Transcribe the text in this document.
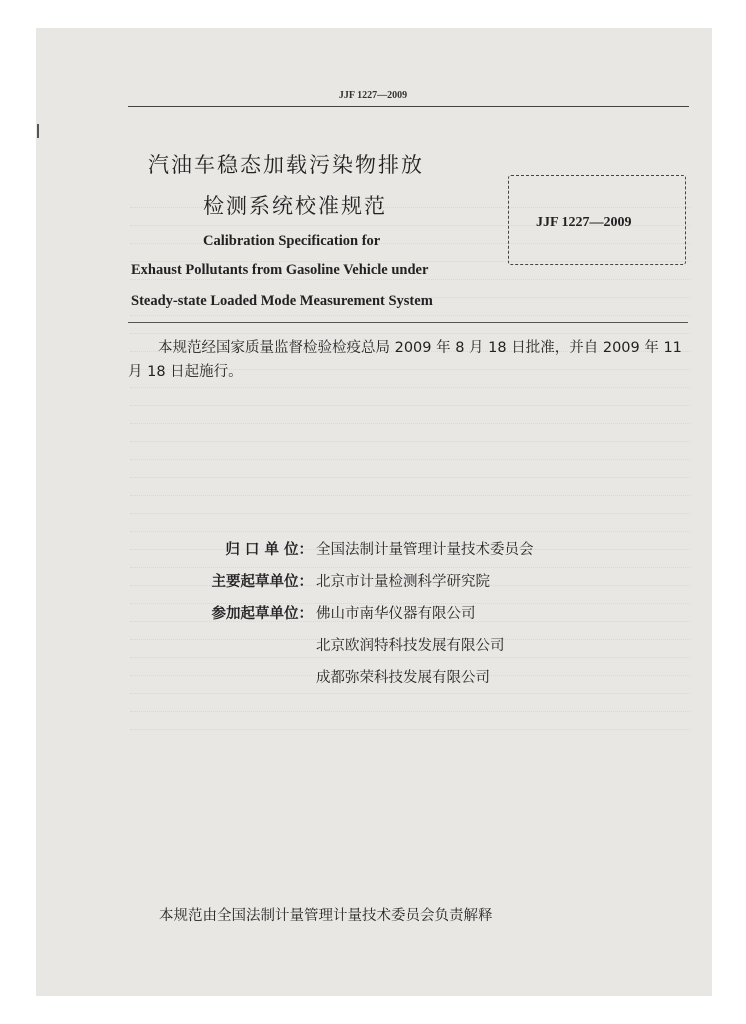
JJF 1227—2009
汽油车稳态加载污染物排放
检测系统校准规范
JJF 1227—2009
Calibration Specification for
Exhaust Pollutants from Gasoline Vehicle under
Steady-state Loaded Mode Measurement System
本规范经国家质量监督检验检疫总局 2009 年 8 月 18 日批准，并自 2009 年 11 月 18 日起施行。
归 口 单 位： 全国法制计量管理计量技术委员会
主要起草单位： 北京市计量检测科学研究院
参加起草单位： 佛山市南华仪器有限公司
北京欧润特科技发展有限公司
成都弥荣科技发展有限公司
本规范由全国法制计量管理计量技术委员会负责解释
